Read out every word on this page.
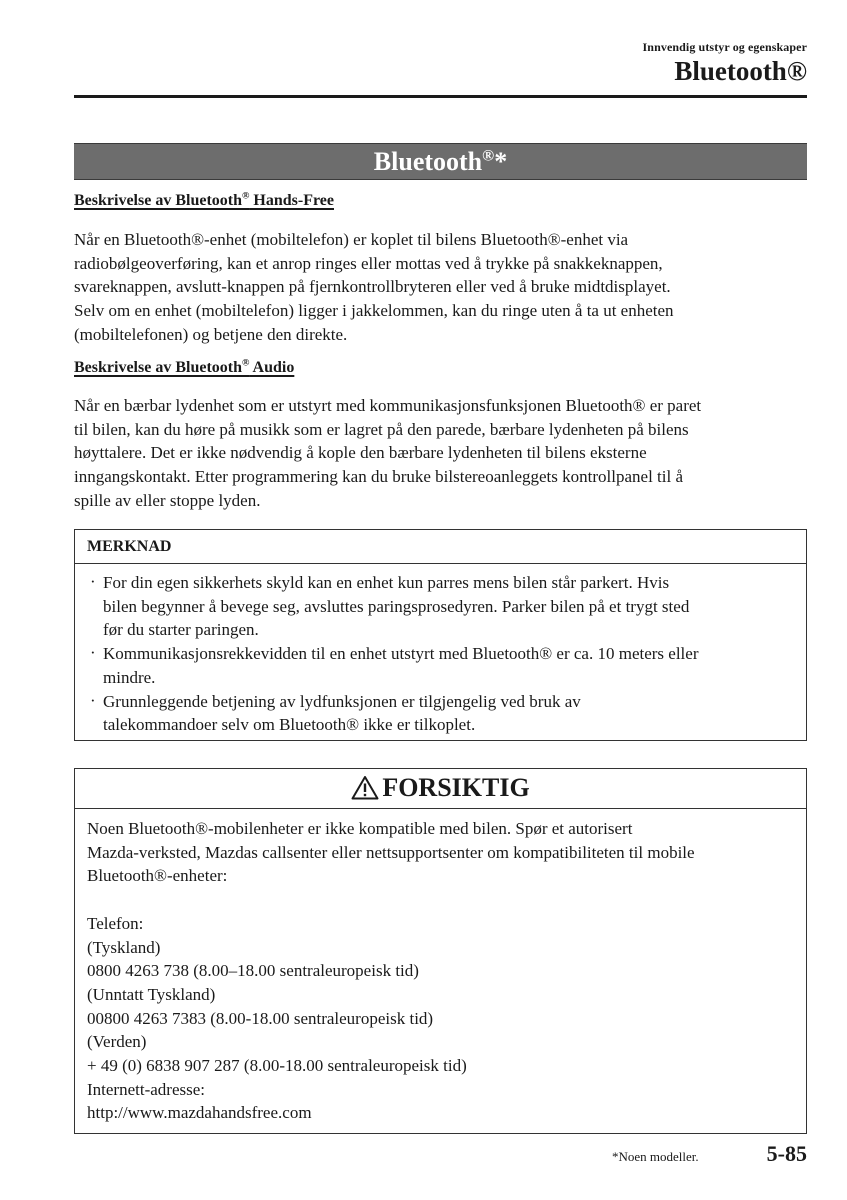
Innvendig utstyr og egenskaper
Bluetooth®
Bluetooth®*
Beskrivelse av Bluetooth® Hands-Free
Når en Bluetooth®-enhet (mobiltelefon) er koplet til bilens Bluetooth®-enhet via
radiobølgeoverføring, kan et anrop ringes eller mottas ved å trykke på snakkeknappen,
svareknappen, avslutt-knappen på fjernkontrollbryteren eller ved å bruke midtdisplayet.
Selv om en enhet (mobiltelefon) ligger i jakkelommen, kan du ringe uten å ta ut enheten
(mobiltelefonen) og betjene den direkte.
Beskrivelse av Bluetooth® Audio
Når en bærbar lydenhet som er utstyrt med kommunikasjonsfunksjonen Bluetooth® er paret
til bilen, kan du høre på musikk som er lagret på den parede, bærbare lydenheten på bilens
høyttalere. Det er ikke nødvendig å kople den bærbare lydenheten til bilens eksterne
inngangskontakt. Etter programmering kan du bruke bilstereoanleggets kontrollpanel til å
spille av eller stoppe lyden.
MERKNAD
· For din egen sikkerhets skyld kan en enhet kun parres mens bilen står parkert. Hvis
bilen begynner å bevege seg, avsluttes paringsprosedyren. Parker bilen på et trygt sted
før du starter paringen.
· Kommunikasjonsrekkevidden til en enhet utstyrt med Bluetooth® er ca. 10 meters eller
mindre.
· Grunnleggende betjening av lydfunksjonen er tilgjengelig ved bruk av
talekommandoer selv om Bluetooth® ikke er tilkoplet.
FORSIKTIG
Noen Bluetooth®-mobilenheter er ikke kompatible med bilen. Spør et autorisert
Mazda-verksted, Mazdas callsenter eller nettsupportsenter om kompatibiliteten til mobile
Bluetooth®-enheter:
Telefon:
(Tyskland)
0800 4263 738 (8.00–18.00 sentraleuropeisk tid)
(Unntatt Tyskland)
00800 4263 7383 (8.00-18.00 sentraleuropeisk tid)
(Verden)
+ 49 (0) 6838 907 287 (8.00-18.00 sentraleuropeisk tid)
Internett-adresse:
http://www.mazdahandsfree.com
*Noen modeller.	5-85
